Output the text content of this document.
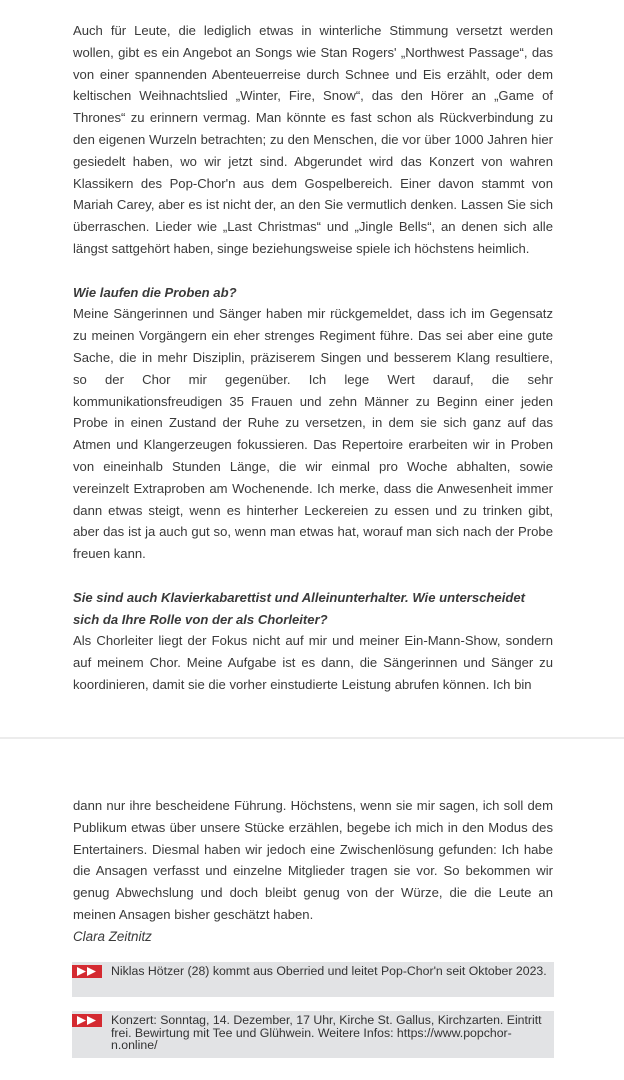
Auch für Leute, die lediglich etwas in winterliche Stimmung versetzt werden wollen, gibt es ein Angebot an Songs wie Stan Rogers' „Northwest Passage“, das von einer spannenden Abenteuerreise durch Schnee und Eis erzählt, oder dem keltischen Weihnachtslied „Winter, Fire, Snow“, das den Hörer an „Game of Thrones“ zu erinnern vermag. Man könnte es fast schon als Rückverbindung zu den eigenen Wurzeln betrachten; zu den Menschen, die vor über 1000 Jahren hier gesiedelt haben, wo wir jetzt sind. Abgerundet wird das Konzert von wahren Klassikern des Pop-Chor'n aus dem Gospelbereich. Einer davon stammt von Mariah Carey, aber es ist nicht der, an den Sie vermutlich denken. Lassen Sie sich überraschen. Lieder wie „Last Christmas“ und „Jingle Bells“, an denen sich alle längst sattgehört haben, singe beziehungsweise spiele ich höchstens heimlich.

Wie laufen die Proben ab?

Meine Sängerinnen und Sänger haben mir rückgemeldet, dass ich im Gegensatz zu meinen Vorgängern ein eher strenges Regiment führe. Das sei aber eine gute Sache, die in mehr Disziplin, präziserem Singen und besserem Klang resultiere, so der Chor mir gegenüber. Ich lege Wert darauf, die sehr kommunikationsfreudigen 35 Frauen und zehn Männer zu Beginn einer jeden Probe in einen Zustand der Ruhe zu versetzen, in dem sie sich ganz auf das Atmen und Klangerzeugen fokussieren. Das Repertoire erarbeiten wir in Proben von eineinhalb Stunden Länge, die wir einmal pro Woche abhalten, sowie vereinzelt Extraproben am Wochenende. Ich merke, dass die Anwesenheit immer dann etwas steigt, wenn es hinterher Leckereien zu essen und zu trinken gibt, aber das ist ja auch gut so, wenn man etwas hat, worauf man sich nach der Probe freuen kann.

Sie sind auch Klavierkabarettist und Alleinunterhalter. Wie unterscheidet sich da Ihre Rolle von der als Chorleiter?

Als Chorleiter liegt der Fokus nicht auf mir und meiner Ein-Mann-Show, sondern auf meinem Chor. Meine Aufgabe ist es dann, die Sängerinnen und Sänger zu koordinieren, damit sie die vorher einstudierte Leistung abrufen können. Ich bin

dann nur ihre bescheidene Führung. Höchstens, wenn sie mir sagen, ich soll dem Publikum etwas über unsere Stücke erzählen, begebe ich mich in den Modus des Entertainers. Diesmal haben wir jedoch eine Zwischenlösung gefunden: Ich habe die Ansagen verfasst und einzelne Mitglieder tragen sie vor. So bekommen wir genug Abwechslung und doch bleibt genug von der Würze, die die Leute an meinen Ansagen bisher geschätzt haben.

Clara Zeitnitz

Niklas Hötzer (28) kommt aus Oberried und leitet Pop-Chor'n seit Oktober 2023.
Konzert: Sonntag, 14. Dezember, 17 Uhr, Kirche St. Gallus, Kirchzarten. Eintritt frei. Bewirtung mit Tee und Glühwein. Weitere Infos: https://www.popchor-n.online/
